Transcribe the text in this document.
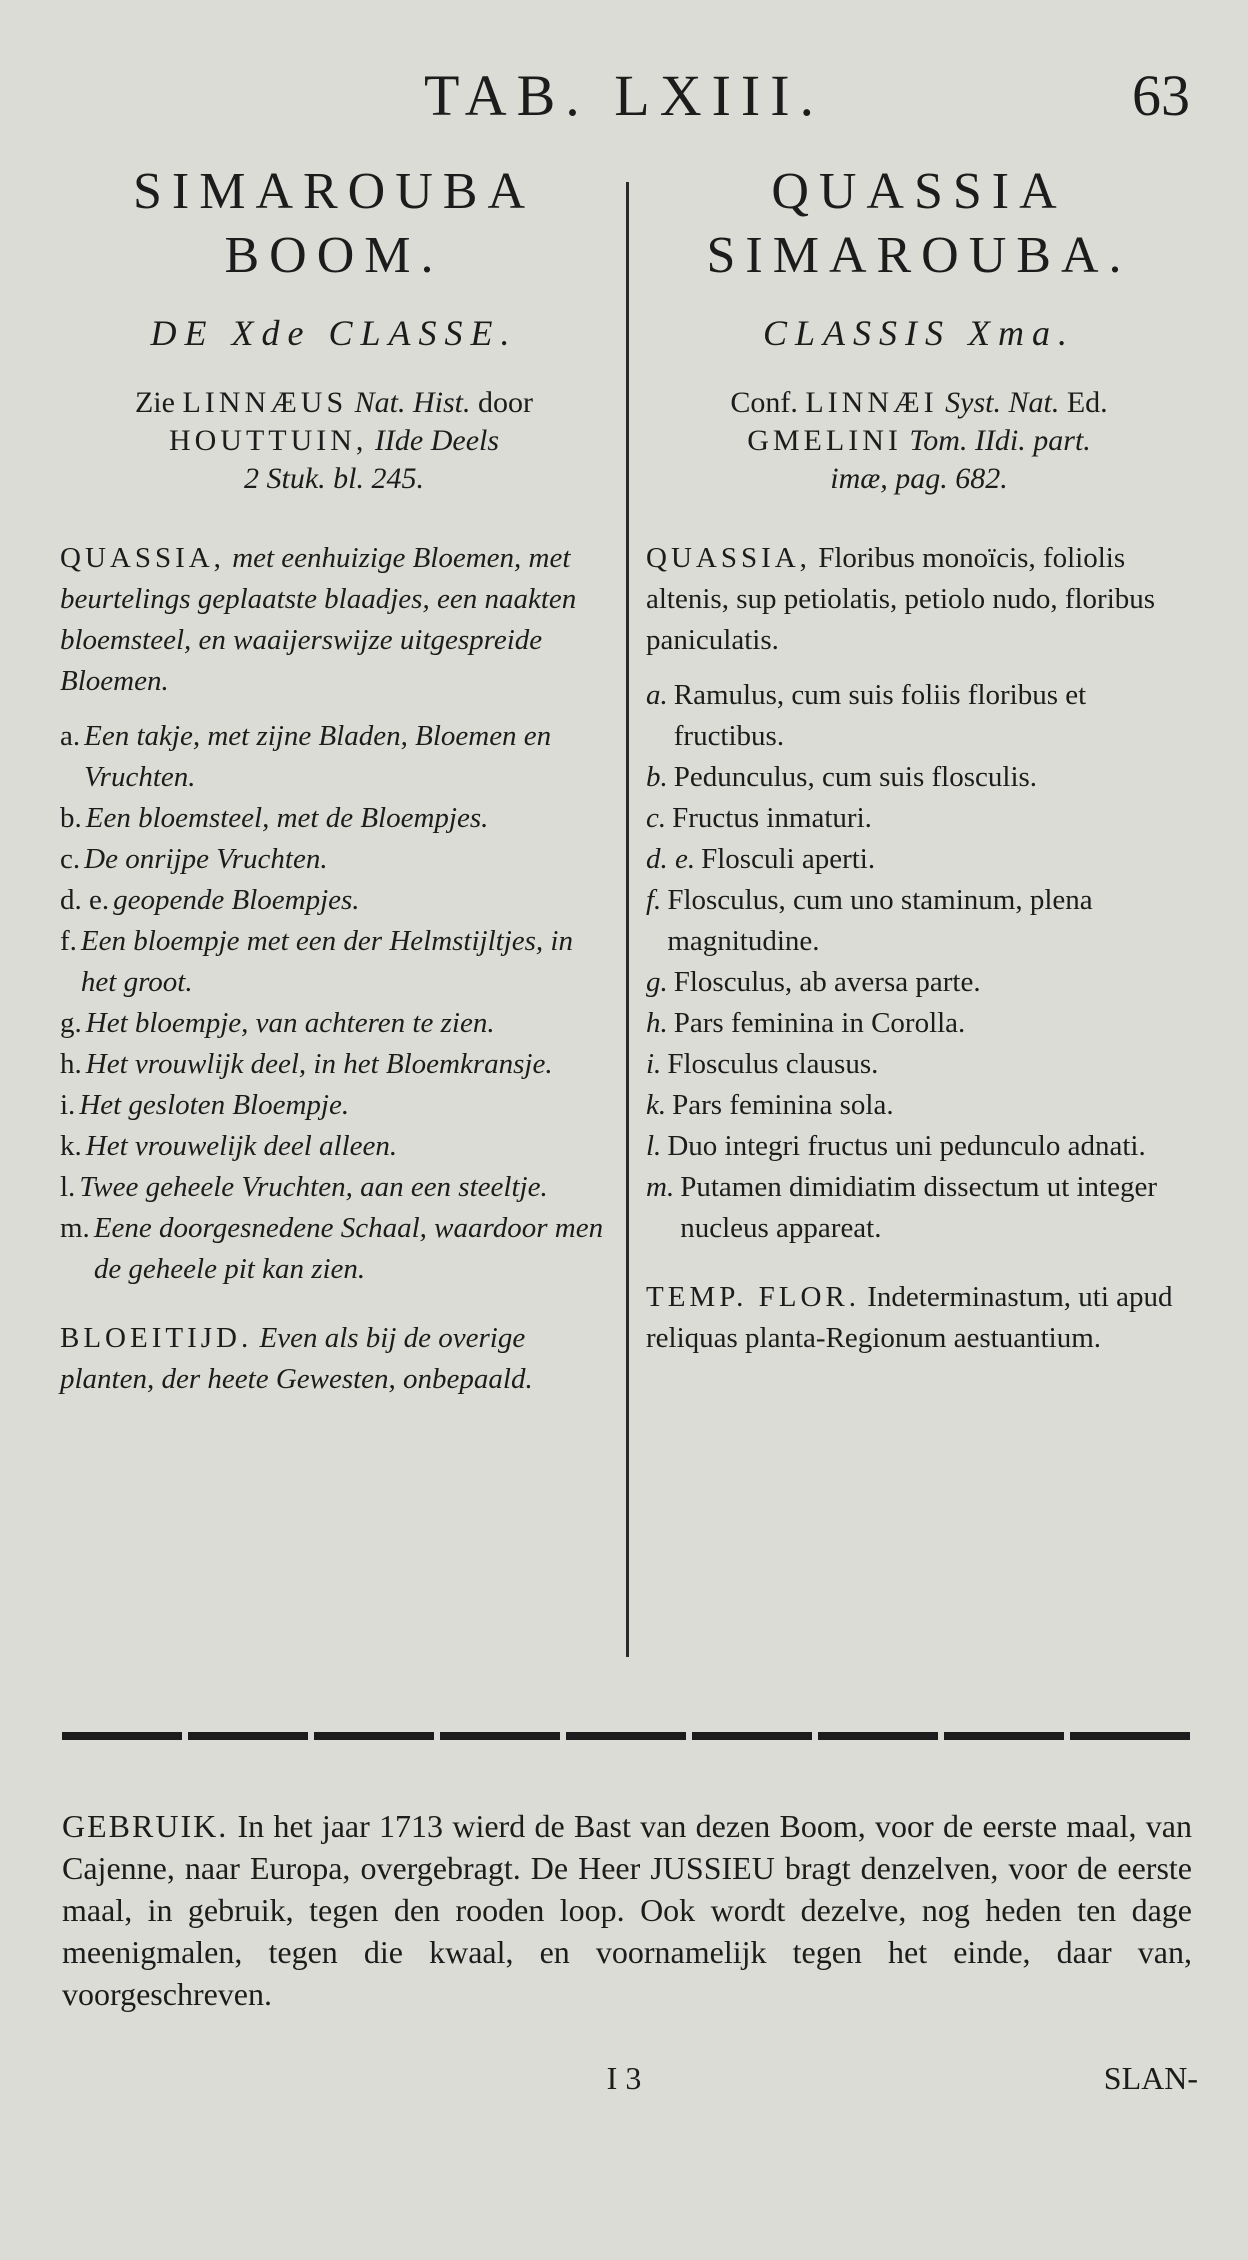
TAB. LXIII.	63
SIMAROUBA
BOOM.
DE Xde CLASSE.
Zie LINNÆUS Nat. Hist. door
HOUTTUIN, IIde Deels
2 Stuk. bl. 245.
QUASSIA, met eenhuizige Bloemen, met beurtelings geplaatste blaadjes, een naakten bloemsteel, en waaijerswijze uitgespreide Bloemen.
a. Een takje, met zijne Bladen, Bloemen en Vruchten.
b. Een bloemsteel, met de Bloempjes.
c. De onrijpe Vruchten.
d. e. geopende Bloempjes.
f. Een bloempje met een der Helmstijltjes, in het groot.
g. Het bloempje, van achteren te zien.
h. Het vrouwlijk deel, in het Bloemkransje.
i. Het gesloten Bloempje.
k. Het vrouwelijk deel alleen.
l. Twee geheele Vruchten, aan een steeltje.
m. Eene doorgesnedene Schaal, waardoor men de geheele pit kan zien.
BLOEITIJD. Even als bij de overige planten, der heete Gewesten, onbepaald.
QUASSIA
SIMAROUBA.
CLASSIS Xma.
Conf. LINNÆI Syst. Nat. Ed.
GMELINI Tom. IIdi. part.
imæ, pag. 682.
QUASSIA, Floribus monoïcis, foliolis altenis, sup petiolatis, petiolo nudo, floribus paniculatis.
a. Ramulus, cum suis foliis floribus et fructibus.
b. Pedunculus, cum suis flosculis.
c. Fructus inmaturi.
d. e. Flosculi aperti.
f. Flosculus, cum uno staminum, plena magnitudine.
g. Flosculus, ab aversa parte.
h. Pars feminina in Corolla.
i. Flosculus clausus.
k. Pars feminina sola.
l. Duo integri fructus uni pedunculo adnati.
m. Putamen dimidiatim dissectum ut integer nucleus appareat.
TEMP. FLOR. Indeterminastum, uti apud reliquas planta-Regionum aestuantium.
GEBRUIK. In het jaar 1713 wierd de Bast van dezen Boom, voor de eerste maal, van Cajenne, naar Europa, overgebragt. De Heer JUSSIEU bragt denzelven, voor de eerste maal, in gebruik, tegen den rooden loop. Ook wordt dezelve, nog heden ten dage meenigmalen, tegen die kwaal, en voornamelijk tegen het einde, daar van, voorgeschreven.
I 3	SLAN-
